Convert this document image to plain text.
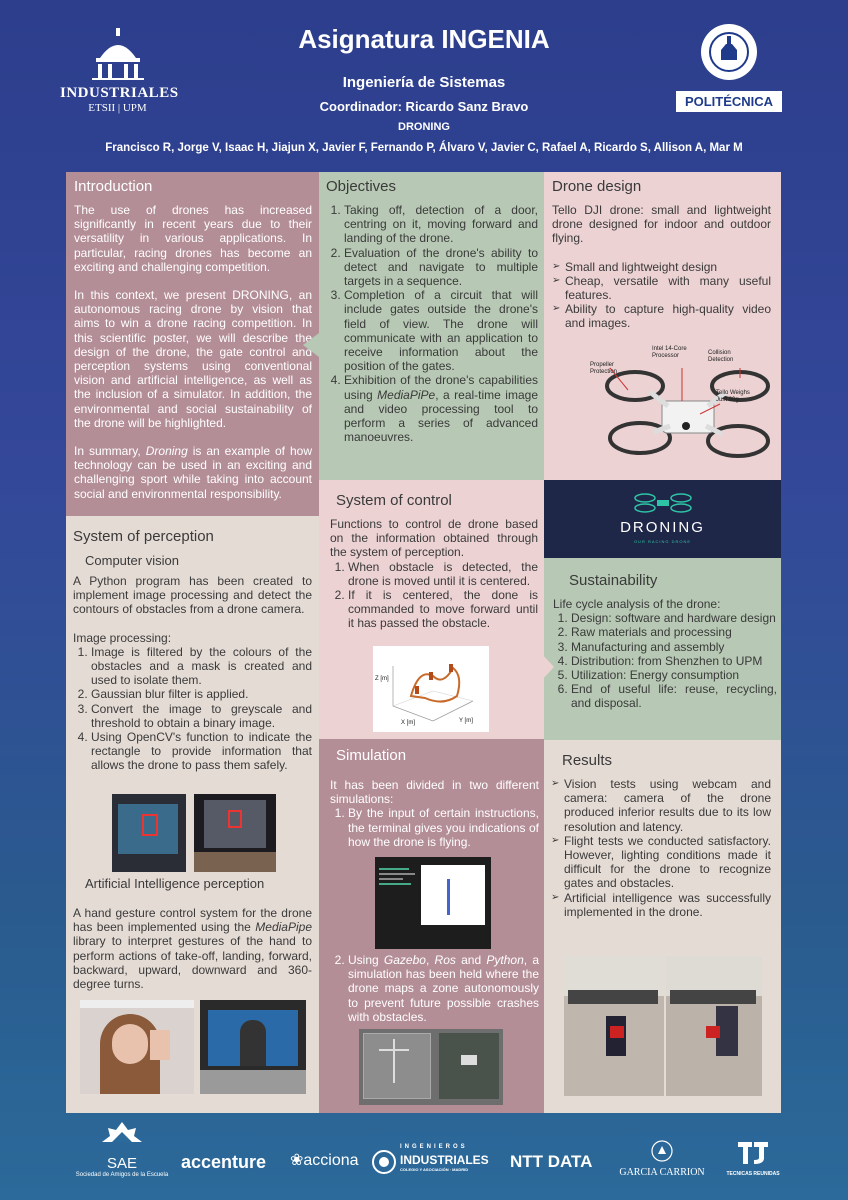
INDUSTRIALES
ETSII | UPM	POLITÉCNICA
Asignatura INGENIA
Ingeniería de Sistemas
Coordinador: Ricardo Sanz Bravo
DRONING
Francisco R, Jorge V, Isaac H, Jiajun X, Javier F, Fernando P, Álvaro V, Javier C, Rafael A, Ricardo S, Allison A, Mar M
Introduction
The use of drones has increased significantly in recent years due to their versatility in various applications. In particular, racing drones has become an exciting and challenging competition.
In this context, we present DRONING, an autonomous racing drone by vision that aims to win a drone racing competition. In this scientific poster, we will describe the design of the drone, the gate control and perception systems using conventional vision and artificial intelligence, as well as the inclusion of a simulator. In addition, the environmental and social sustainability of the drone will be highlighted.
In summary, Droning is an example of how technology can be used in an exciting and challenging sport while taking into account social and environmental responsibility.
Objectives
1. Taking off, detection of a door, centring on it, moving forward and landing of the drone.
2. Evaluation of the drone's ability to detect and navigate to multiple targets in a sequence.
3. Completion of a circuit that will include gates outside the drone's field of view. The drone will communicate with an application to receive information about the position of the gates.
4. Exhibition of the drone's capabilities using MediaPiPe, a real-time image and video processing tool to perform a series of advanced manoeuvres.
Drone design
Tello DJI drone: small and lightweight drone designed for indoor and outdoor flying.
➢ Small and lightweight design
➢ Cheap, versatile with many useful features.
➢ Ability to capture high-quality video and images.
Intel 14-Core Processor	Collision Detection
Propeller Protection
Tello Weighs Just 80g
System of perception
Computer vision
A Python program has been created to implement image processing and detect the contours of obstacles from a drone camera.
Image processing:
1. Image is filtered by the colours of the obstacles and a mask is created and used to isolate them.
2. Gaussian blur filter is applied.
3. Convert the image to greyscale and threshold to obtain a binary image.
4. Using OpenCV's function to indicate the rectangle to provide information that allows the drone to pass them safely.
Artificial Intelligence perception
A hand gesture control system for the drone has been implemented using the MediaPipe library to interpret gestures of the hand to perform actions of take-off, landing, forward, backward, upward, downward and 360-degree turns.
System of control
Functions to control de drone based on the information obtained through the system of perception.
1. When obstacle is detected, the drone is moved until it is centered.
2. If it is centered, the done is commanded to move forward until it has passed the obstacle.
Z [m]
X [m]	Y [m]
DRONING
OUR RACING DRONE
Sustainability
Life cycle analysis of the drone:
1. Design: software and hardware design
2. Raw materials and processing
3. Manufacturing and assembly
4. Distribution: from Shenzhen to UPM
5. Utilization: Energy consumption
6. End of useful life: reuse, recycling, and disposal.
Simulation
It has been divided in two different simulations:
1. By the input of certain instructions, the terminal gives you indications of how the drone is flying.
2. Using Gazebo, Ros and Python, a simulation has been held where the drone maps a zone autonomously to prevent future possible crashes with obstacles.
Results
➢ Vision tests using webcam and camera: camera of the drone produced inferior results due to its low resolution and latency.
➢ Flight tests we conducted satisfactory. However, lighting conditions made it difficult for the drone to recognize gates and obstacles.
➢ Artificial intelligence was successfully implemented in the drone.
SAE
Sociedad de Amigos de la Escuela
accenture ❀acciona
INGENIEROS
INDUSTRIALES
COLEGIO Y ASOCIACIÓN · MADRID	NTT DATA
GARCIA CARRION	TECNICAS REUNIDAS
